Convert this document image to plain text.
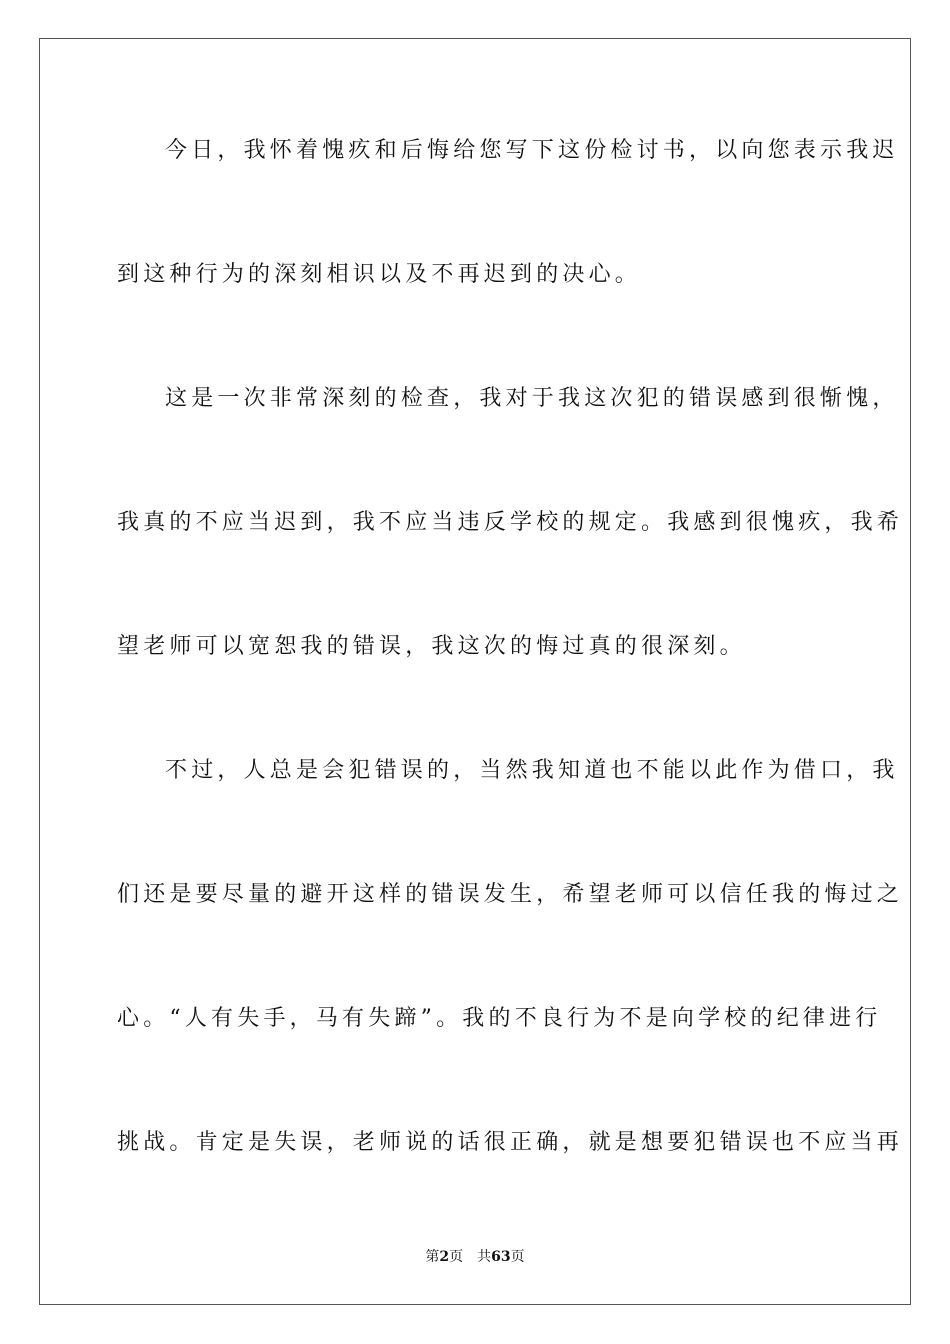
今日，我怀着愧疚和后悔给您写下这份检讨书，以向您表示我迟
到这种行为的深刻相识以及不再迟到的决心。
这是一次非常深刻的检查，我对于我这次犯的错误感到很惭愧，
我真的不应当迟到，我不应当违反学校的规定。我感到很愧疚，我希
望老师可以宽恕我的错误，我这次的悔过真的很深刻。
不过，人总是会犯错误的，当然我知道也不能以此作为借口，我
们还是要尽量的避开这样的错误发生，希望老师可以信任我的悔过之
心。“人有失手，马有失蹄”。我的不良行为不是向学校的纪律进行
挑战。肯定是失误，老师说的话很正确，就是想要犯错误也不应当再
第2页 共63页
